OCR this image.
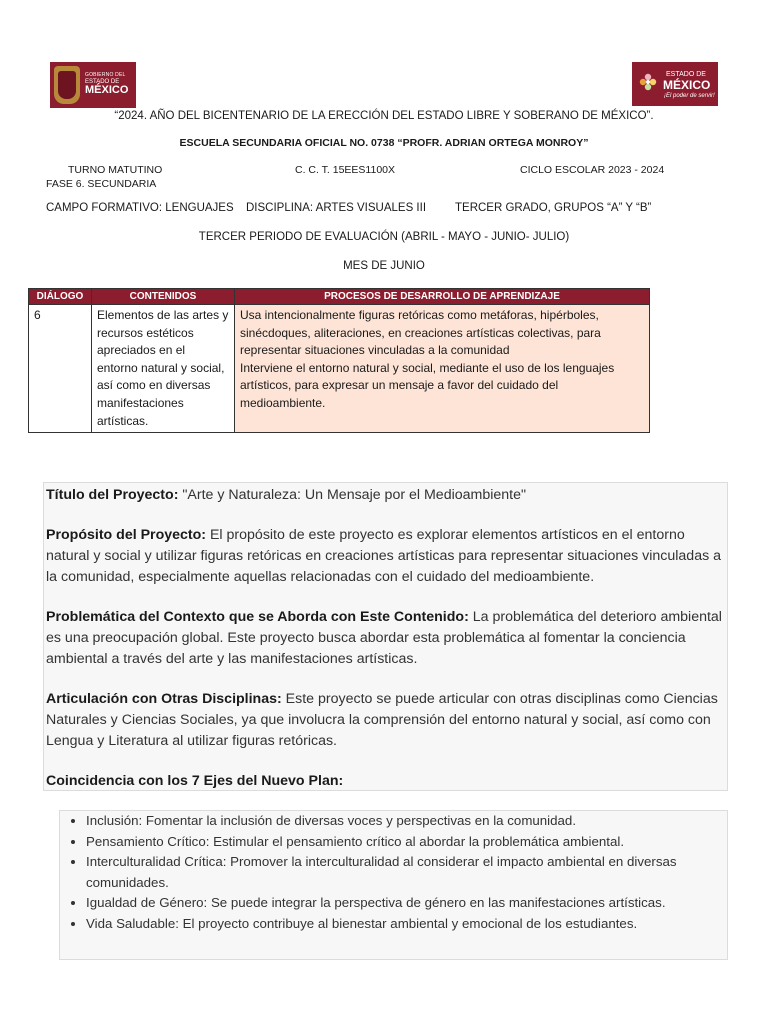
GOBIERNO DEL
ESTADO DE
MÉXICO
ESTADO DE
MÉXICO
¡El poder de servir!
“2024. AÑO DEL BICENTENARIO DE LA ERECCIÓN DEL ESTADO LIBRE Y SOBERANO DE MÉXICO”.
ESCUELA SECUNDARIA OFICIAL NO. 0738 “PROFR. ADRIAN ORTEGA MONROY”
TURNO MATUTINO	C. C. T. 15EES1100X	CICLO ESCOLAR 2023 - 2024
FASE 6. SECUNDARIA
CAMPO FORMATIVO: LENGUAJES DISCIPLINA: ARTES VISUALES III	TERCER GRADO, GRUPOS “A” Y “B”
TERCER PERIODO DE EVALUACIÓN (ABRIL - MAYO - JUNIO- JULIO)
MES DE JUNIO
DIÁLOGO	CONTENIDOS	PROCESOS DE DESARROLLO DE APRENDIZAJE
6	Elementos de las artes y recursos estéticos apreciados en el entorno natural y social, así como en diversas manifestaciones artísticas.	Usa intencionalmente figuras retóricas como metáforas, hipérboles, sinécdoques, aliteraciones, en creaciones artísticas colectivas, para representar situaciones vinculadas a la comunidad
Interviene el entorno natural y social, mediante el uso de los lenguajes artísticos, para expresar un mensaje a favor del cuidado del medioambiente.
Título del Proyecto: "Arte y Naturaleza: Un Mensaje por el Medioambiente"
Propósito del Proyecto: El propósito de este proyecto es explorar elementos artísticos en el entorno natural y social y utilizar figuras retóricas en creaciones artísticas para representar situaciones vinculadas a la comunidad, especialmente aquellas relacionadas con el cuidado del medioambiente.
Problemática del Contexto que se Aborda con Este Contenido: La problemática del deterioro ambiental es una preocupación global. Este proyecto busca abordar esta problemática al fomentar la conciencia ambiental a través del arte y las manifestaciones artísticas.
Articulación con Otras Disciplinas: Este proyecto se puede articular con otras disciplinas como Ciencias Naturales y Ciencias Sociales, ya que involucra la comprensión del entorno natural y social, así como con Lengua y Literatura al utilizar figuras retóricas.
Coincidencia con los 7 Ejes del Nuevo Plan:
• Inclusión: Fomentar la inclusión de diversas voces y perspectivas en la comunidad.
• Pensamiento Crítico: Estimular el pensamiento crítico al abordar la problemática ambiental.
• Interculturalidad Crítica: Promover la interculturalidad al considerar el impacto ambiental en diversas comunidades.
• Igualdad de Género: Se puede integrar la perspectiva de género en las manifestaciones artísticas.
• Vida Saludable: El proyecto contribuye al bienestar ambiental y emocional de los estudiantes.
